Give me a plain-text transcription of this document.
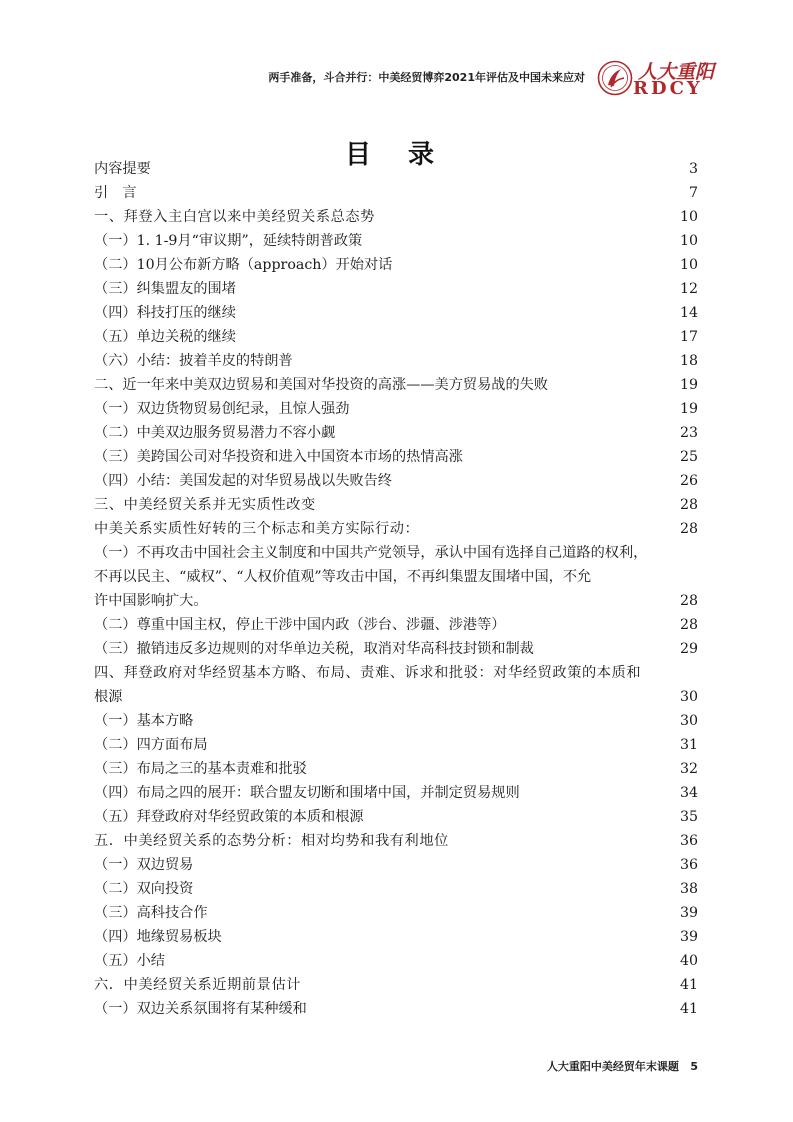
两手准备，斗合并行：中美经贸博弈2021年评估及中国未来应对	人大重阳
RDCY
目 录
内容提要	3
引　言	7
一、拜登入主白宫以来中美经贸关系总态势	10
（一）1. 1-9月“审议期”，延续特朗普政策	10
（二）10月公布新方略（approach）开始对话	10
（三）纠集盟友的围堵	12
（四）科技打压的继续	14
（五）单边关税的继续	17
（六）小结：披着羊皮的特朗普	18
二、近一年来中美双边贸易和美国对华投资的高涨——美方贸易战的失败	19
（一）双边货物贸易创纪录，且惊人强劲	19
（二）中美双边服务贸易潜力不容小觑	23
（三）美跨国公司对华投资和进入中国资本市场的热情高涨	25
（四）小结：美国发起的对华贸易战以失败告终	26
三、中美经贸关系并无实质性改变	28
中美关系实质性好转的三个标志和美方实际行动：	28
（一）不再攻击中国社会主义制度和中国共产党领导，承认中国有选择自己道路的权利，
不再以民主、“威权”、“人权价值观”等攻击中国，不再纠集盟友围堵中国，不允
许中国影响扩大。	28
（二）尊重中国主权，停止干涉中国内政（涉台、涉疆、涉港等）	28
（三）撤销违反多边规则的对华单边关税，取消对华高科技封锁和制裁	29
四、拜登政府对华经贸基本方略、布局、责难、诉求和批驳：对华经贸政策的本质和
根源	30
（一）基本方略	30
（二）四方面布局	31
（三）布局之三的基本责难和批驳	32
（四）布局之四的展开：联合盟友切断和围堵中国，并制定贸易规则	34
（五）拜登政府对华经贸政策的本质和根源	35
五．中美经贸关系的态势分析：相对均势和我有利地位	36
（一）双边贸易	36
（二）双向投资	38
（三）高科技合作	39
（四）地缘贸易板块	39
（五）小结	40
六．中美经贸关系近期前景估计	41
（一）双边关系氛围将有某种缓和	41
人大重阳中美经贸年末课题 5
